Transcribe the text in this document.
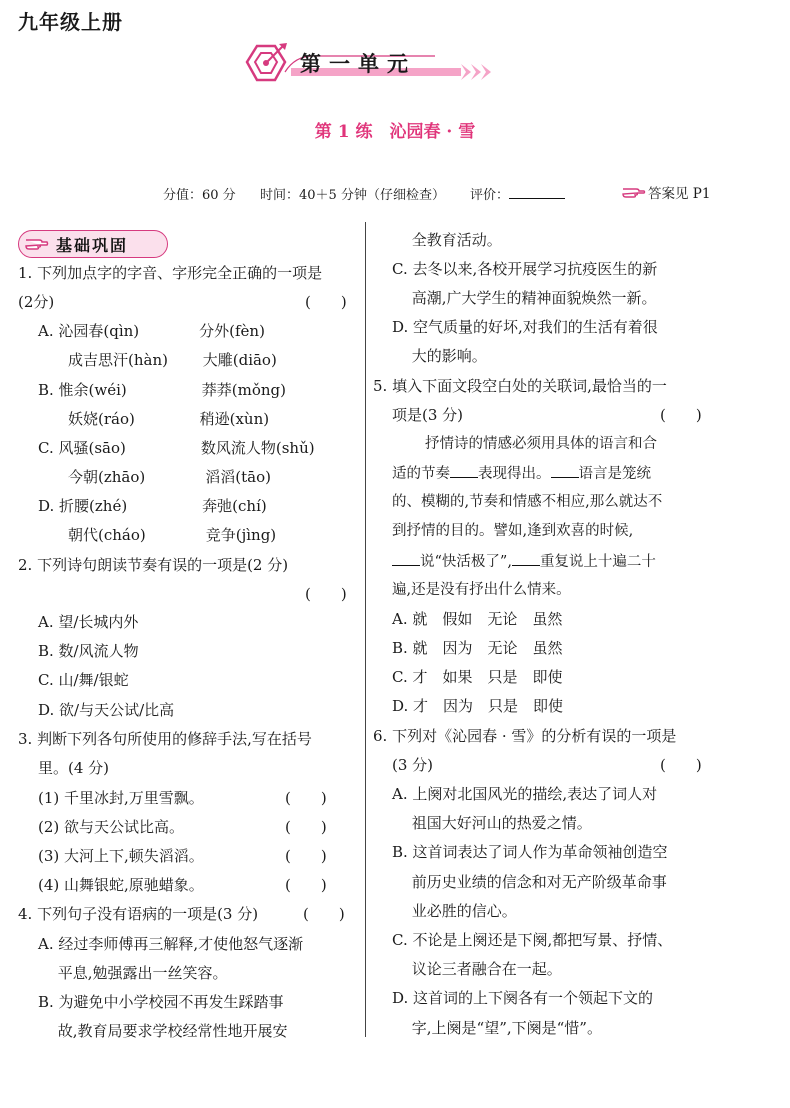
九年级上册
第一单元
第 1 练　沁园春 · 雪
分值：60 分 时间：40＋5 分钟（仔细检查） 评价：	答案见 P1
基础巩固
1. 下列加点字的字音、字形完全正确的一项是
(2分)	(　　)
A. 沁园春(qìn)　　　　分外(fèn)
　　成吉思汗(hàn)　　 大雕(diāo)
B. 惟余(wéi)　　　　　莽莽(mǒng)
　　妖娆(ráo)　　　　 稍逊(xùn)
C. 风骚(sāo)　　　　　数风流人物(shǔ)
　　今朝(zhāo)　　　　滔滔(tāo)
D. 折腰(zhé)　　　　　奔弛(chí)
　　朝代(cháo)　　　　竞争(jìng)
2. 下列诗句朗读节奏有误的一项是(2 分)
(　　)
A. 望/长城内外
B. 数/风流人物
C. 山/舞/银蛇
D. 欲/与天公试/比高
3. 判断下列各句所使用的修辞手法,写在括号
里。(4 分)
(1) 千里冰封,万里雪飘。	(　　)
(2) 欲与天公试比高。	(　　)
(3) 大河上下,顿失滔滔。	(　　)
(4) 山舞银蛇,原驰蜡象。	(　　)
4. 下列句子没有语病的一项是(3 分)	(　　)
A. 经过李师傅再三解释,才使他怒气逐渐
　 平息,勉强露出一丝笑容。
B. 为避免中小学校园不再发生踩踏事
　 故,教育局要求学校经常性地开展安
　 全教育活动。
C. 去冬以来,各校开展学习抗疫医生的新
　 高潮,广大学生的精神面貌焕然一新。
D. 空气质量的好坏,对我们的生活有着很
　 大的影响。
5. 填入下面文段空白处的关联词,最恰当的一
项是(3 分)	(　　)
抒情诗的情感必须用具体的语言和合
适的节奏 表现得出。 语言是笼统
的、模糊的,节奏和情感不相应,那么就达不
到抒情的目的。譬如,逢到欢喜的时候,
说“快活极了”, 重复说上十遍二十
遍,还是没有抒出什么情来。
A. 就　假如　无论　虽然
B. 就　因为　无论　虽然
C. 才　如果　只是　即使
D. 才　因为　只是　即使
6. 下列对《沁园春 · 雪》的分析有误的一项是
(3 分)	(　　)
A. 上阕对北国风光的描绘,表达了词人对
　 祖国大好河山的热爱之情。
B. 这首词表达了词人作为革命领袖创造空
　 前历史业绩的信念和对无产阶级革命事
　 业必胜的信心。
C. 不论是上阕还是下阕,都把写景、抒情、
　 议论三者融合在一起。
D. 这首词的上下阕各有一个领起下文的
　 字,上阕是“望”,下阕是“惜”。
